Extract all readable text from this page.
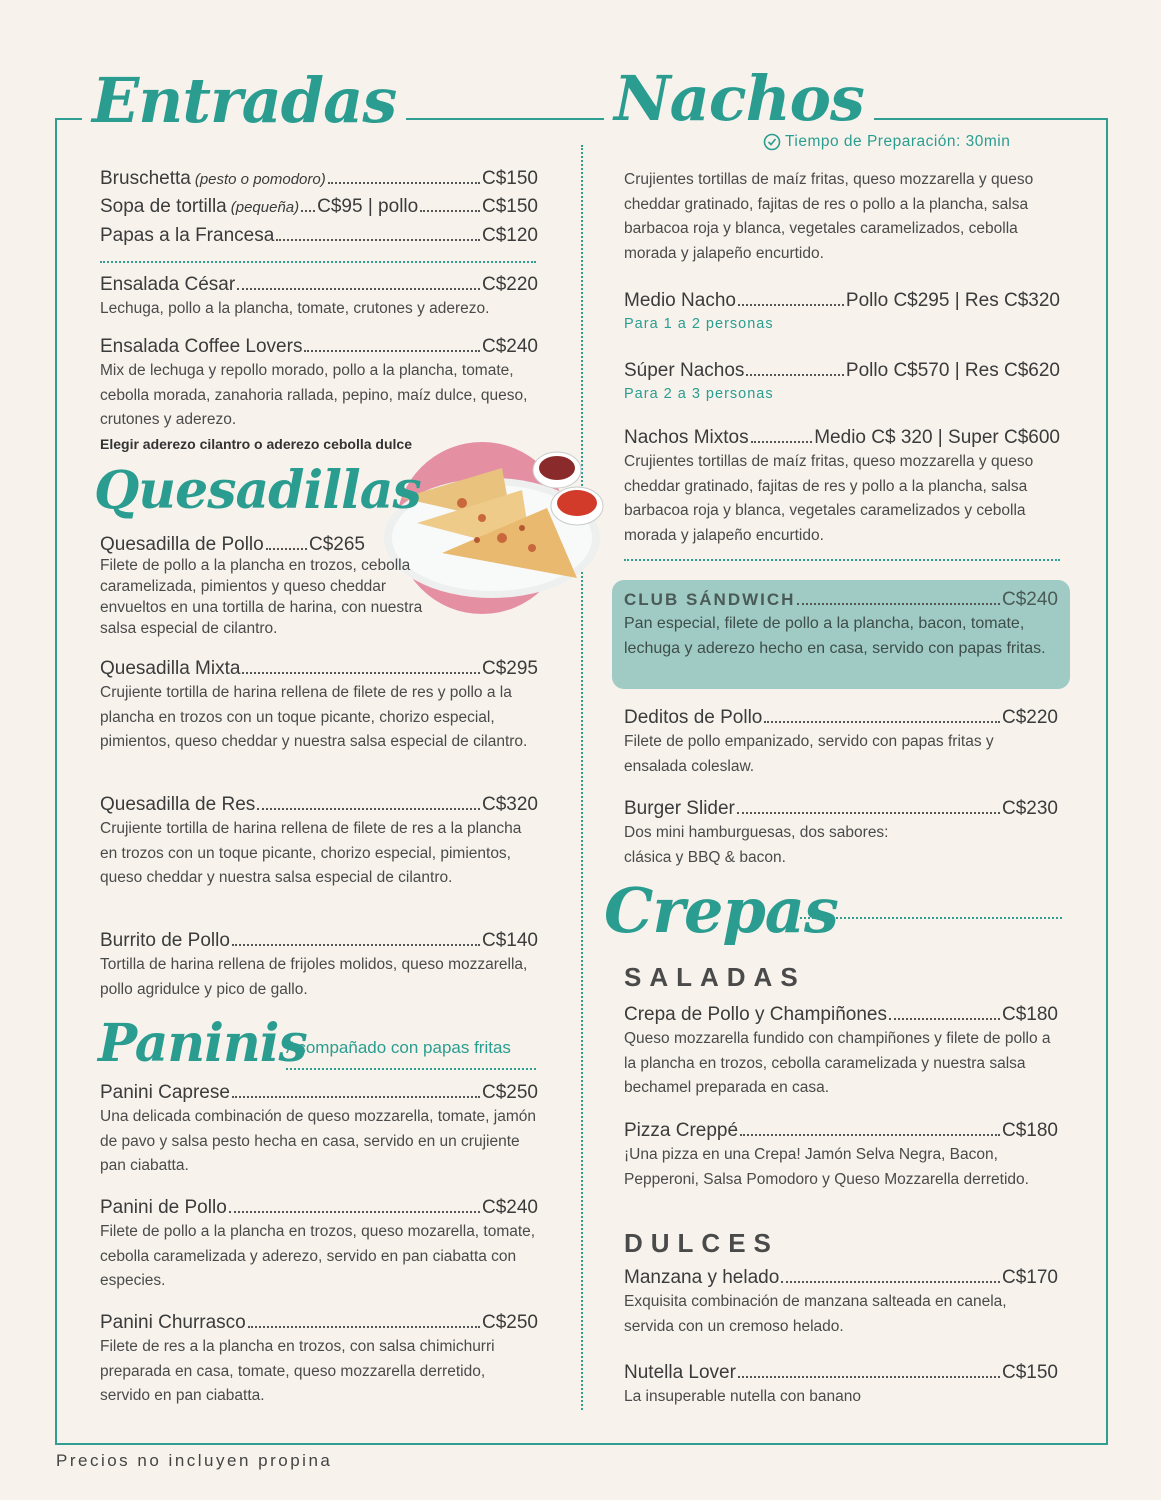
Entradas	Nachos
Tiempo de Preparación: 30min
Bruschetta (pesto o pomodoro)	C$150
Sopa de tortilla (pequeña) C$95 | pollo	C$150
Papas a la Francesa	C$120
Ensalada César	C$220
Lechuga, pollo a la plancha, tomate, crutones y aderezo.
Ensalada Coffee Lovers	C$240
Mix de lechuga y repollo morado, pollo a la plancha, tomate, cebolla morada, zanahoria rallada, pepino, maíz dulce, queso, crutones y aderezo.
Elegir aderezo cilantro o aderezo cebolla dulce
Quesadillas
Quesadilla de Pollo C$265
Filete de pollo a la plancha en trozos, cebolla caramelizada, pimientos y queso cheddar envueltos en una tortilla de harina, con nuestra salsa especial de cilantro.
Quesadilla Mixta	C$295
Crujiente tortilla de harina rellena de filete de res y pollo a la plancha en trozos con un toque picante, chorizo especial, pimientos, queso cheddar y nuestra salsa especial de cilantro.
Quesadilla de Res	C$320
Crujiente tortilla de harina rellena de filete de res a la plancha en trozos con un toque picante, chorizo especial, pimientos, queso cheddar y nuestra salsa especial de cilantro.
Burrito de Pollo	C$140
Tortilla de harina rellena de frijoles molidos, queso mozzarella, pollo agridulce y pico de gallo.
Paninis
Acompañado con papas fritas
Panini Caprese	C$250
Una delicada combinación de queso mozzarella, tomate, jamón de pavo y salsa pesto hecha en casa, servido en un crujiente pan ciabatta.
Panini de Pollo	C$240
Filete de pollo a la plancha en trozos, queso mozarella, tomate, cebolla caramelizada y aderezo, servido en pan ciabatta con especies.
Panini Churrasco	C$250
Filete de res a la plancha en trozos, con salsa chimichurri preparada en casa, tomate, queso mozzarella derretido, servido en pan ciabatta.
Crujientes tortillas de maíz fritas, queso mozzarella y queso cheddar gratinado, fajitas de res o pollo a la plancha, salsa barbacoa roja y blanca, vegetales caramelizados, cebolla morada y jalapeño encurtido.
Medio Nacho	Pollo C$295 | Res C$320
Para 1 a 2 personas
Súper Nachos	Pollo C$570 | Res C$620
Para 2 a 3 personas
Nachos Mixtos	Medio C$ 320 | Super C$600
Crujientes tortillas de maíz fritas, queso mozzarella y queso cheddar gratinado, fajitas de res y pollo a la plancha, salsa barbacoa roja y blanca, vegetales caramelizados y cebolla morada y jalapeño encurtido.
CLUB SÁNDWICH	C$240
Pan especial, filete de pollo a la plancha, bacon, tomate, lechuga y aderezo hecho en casa, servido con papas fritas.
Deditos de Pollo	C$220
Filete de pollo empanizado, servido con papas fritas y ensalada coleslaw.
Burger Slider	C$230
Dos mini hamburguesas, dos sabores:
clásica y BBQ & bacon.
Crepas
SALADAS
Crepa de Pollo y Champiñones	C$180
Queso mozzarella fundido con champiñones y filete de pollo a la plancha en trozos, cebolla caramelizada y nuestra salsa bechamel preparada en casa.
Pizza Creppé	C$180
¡Una pizza en una Crepa! Jamón Selva Negra, Bacon, Pepperoni, Salsa Pomodoro y Queso Mozzarella derretido.
DULCES
Manzana y helado	C$170
Exquisita combinación de manzana salteada en canela, servida con un cremoso helado.
Nutella Lover	C$150
La insuperable nutella con banano
Precios no incluyen propina
